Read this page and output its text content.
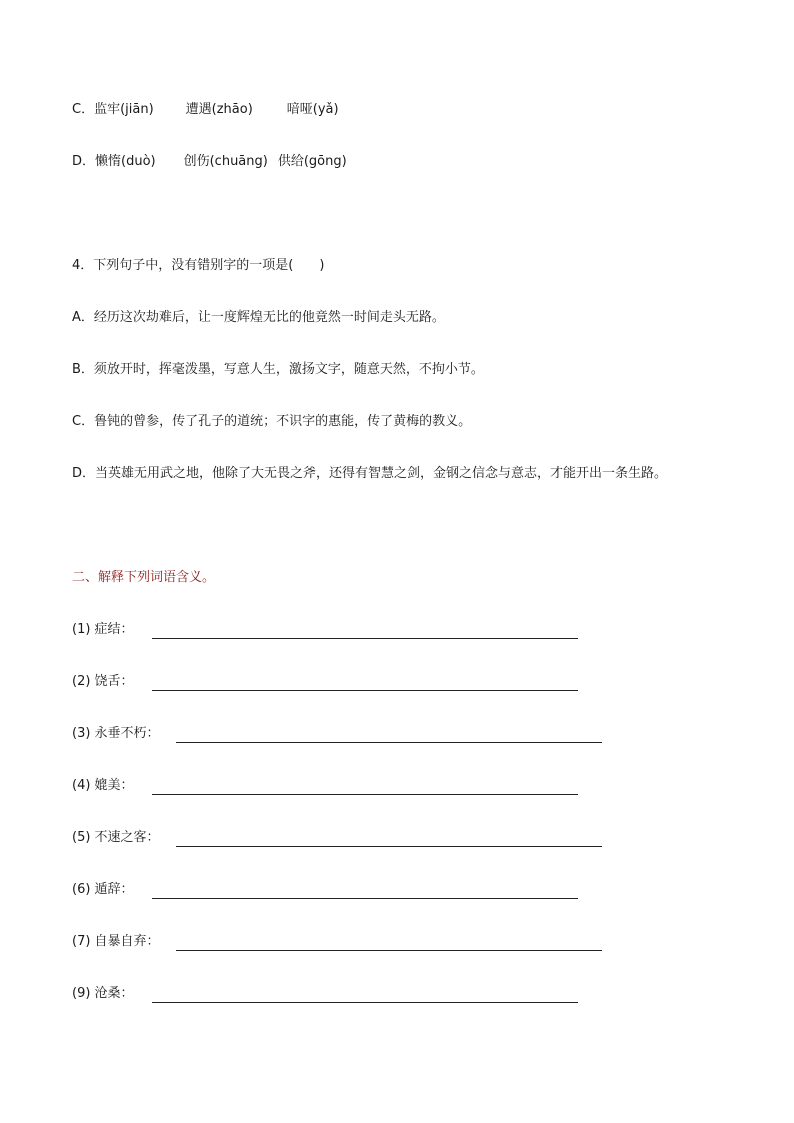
C．监牢(jiān) 遭遇(zhāo)	喑哑(yǎ)
D．懒惰(duò) 创伤(chuāng) 供给(gōng)
4．下列句子中，没有错别字的一项是(　　)
A．经历这次劫难后，让一度辉煌无比的他竟然一时间走头无路。
B．须放开时，挥毫泼墨，写意人生，激扬文字，随意天然，不拘小节。
C．鲁钝的曾参，传了孔子的道统；不识字的惠能，传了黄梅的教义。
D．当英雄无用武之地，他除了大无畏之斧，还得有智慧之剑，金钢之信念与意志，才能开出一条生路。
二、解释下列词语含义。
(1) 症结：
(2) 饶舌：
(3) 永垂不朽：
(4) 媲美：
(5) 不速之客：
(6) 遁辞：
(7) 自暴自弃：
(9) 沧桑：
